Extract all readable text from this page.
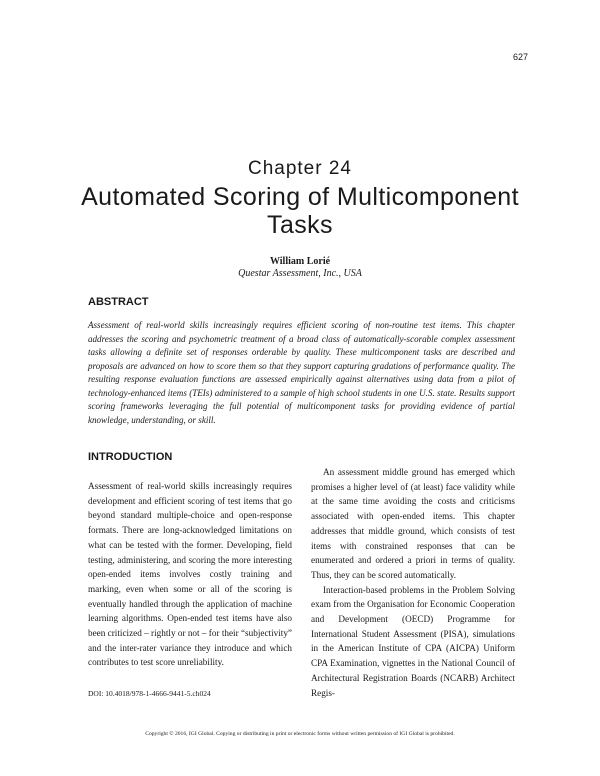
627
Chapter 24
Automated Scoring of Multicomponent Tasks
William Lorié
Questar Assessment, Inc., USA
ABSTRACT

Assessment of real-world skills increasingly requires efficient scoring of non-routine test items. This chapter addresses the scoring and psychometric treatment of a broad class of automatically-scorable complex assessment tasks allowing a definite set of responses orderable by quality. These multicomponent tasks are described and proposals are advanced on how to score them so that they support capturing gradations of performance quality. The resulting response evaluation functions are assessed empirically against alternatives using data from a pilot of technology-enhanced items (TEIs) administered to a sample of high school students in one U.S. state. Results support scoring frameworks leveraging the full potential of multicomponent tasks for providing evidence of partial knowledge, understanding, or skill.

INTRODUCTION

Assessment of real-world skills increasingly requires development and efficient scoring of test items that go beyond standard multiple-choice and open-response formats. There are long-acknowledged limitations on what can be tested with the former. Developing, field testing, administering, and scoring the more interesting open-ended items involves costly training and marking, even when some or all of the scoring is eventually handled through the application of machine learning algorithms. Open-ended test items have also been criticized – rightly or not – for their “subjectivity” and the inter-rater variance they introduce and which contributes to test score unreliability.

An assessment middle ground has emerged which promises a higher level of (at least) face validity while at the same time avoiding the costs and criticisms associated with open-ended items. This chapter addresses that middle ground, which consists of test items with constrained responses that can be enumerated and ordered a priori in terms of quality. Thus, they can be scored automatically.

Interaction-based problems in the Problem Solving exam from the Organisation for Economic Cooperation and Development (OECD) Programme for International Student Assessment (PISA), simulations in the American Institute of CPA (AICPA) Uniform CPA Examination, vignettes in the National Council of Architectural Registration Boards (NCARB) Architect Regis-

DOI: 10.4018/978-1-4666-9441-5.ch024
Copyright © 2016, IGI Global. Copying or distributing in print or electronic forms without written permission of IGI Global is prohibited.
